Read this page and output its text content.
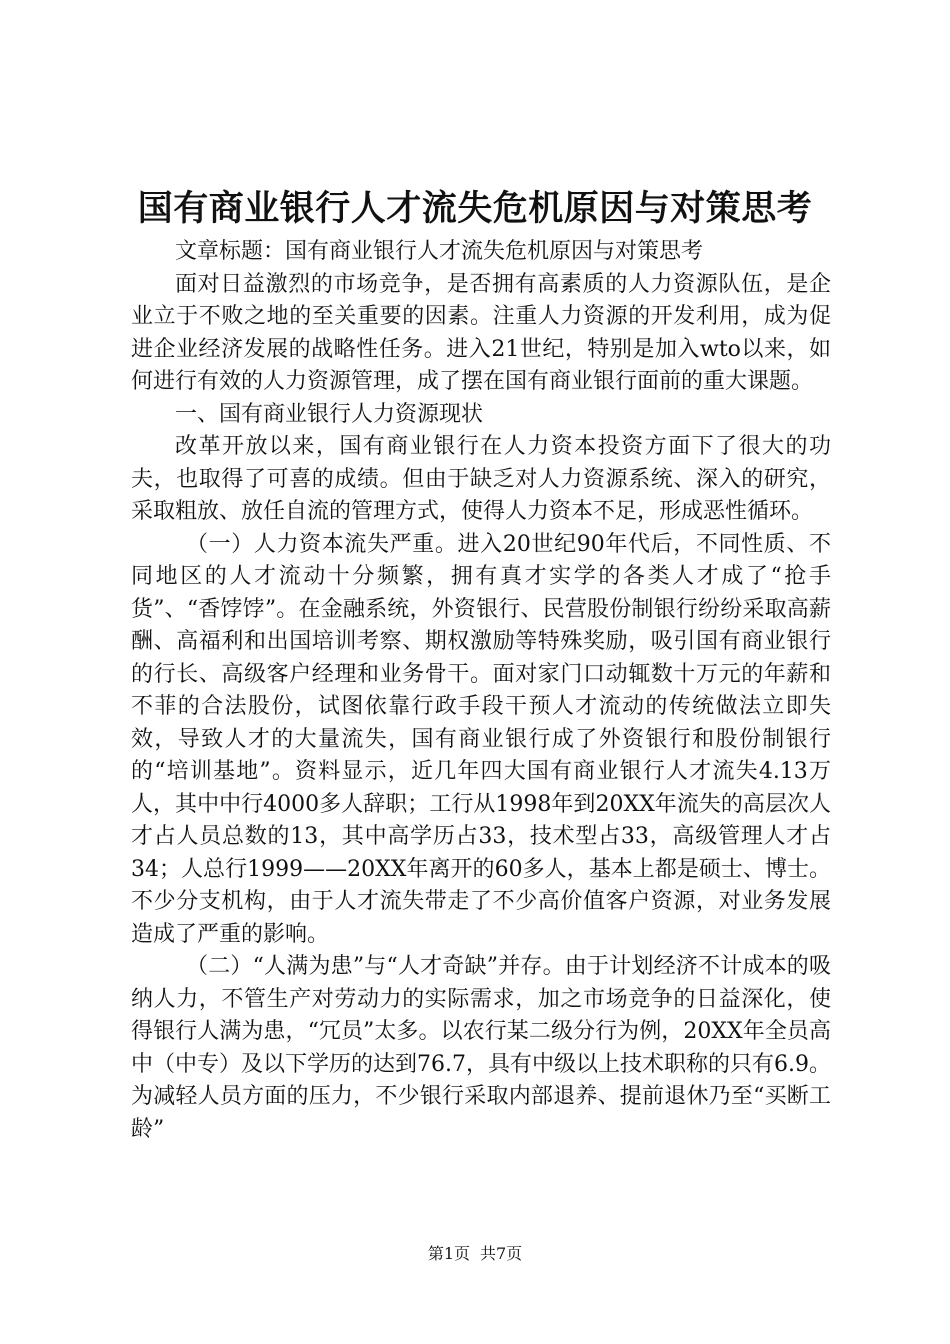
国有商业银行人才流失危机原因与对策思考

文章标题：国有商业银行人才流失危机原因与对策思考

面对日益激烈的市场竞争，是否拥有高素质的人力资源队伍，是企业立于不败之地的至关重要的因素。注重人力资源的开发利用，成为促进企业经济发展的战略性任务。进入21世纪，特别是加入wto以来，如何进行有效的人力资源管理，成了摆在国有商业银行面前的重大课题。

一、国有商业银行人力资源现状

改革开放以来，国有商业银行在人力资本投资方面下了很大的功夫，也取得了可喜的成绩。但由于缺乏对人力资源系统、深入的研究，采取粗放、放任自流的管理方式，使得人力资本不足，形成恶性循环。

（一）人力资本流失严重。进入20世纪90年代后，不同性质、不同地区的人才流动十分频繁，拥有真才实学的各类人才成了“抢手货”、“香饽饽”。在金融系统，外资银行、民营股份制银行纷纷采取高薪酬、高福利和出国培训考察、期权激励等特殊奖励，吸引国有商业银行的行长、高级客户经理和业务骨干。面对家门口动辄数十万元的年薪和不菲的合法股份，试图依靠行政手段干预人才流动的传统做法立即失效，导致人才的大量流失，国有商业银行成了外资银行和股份制银行的“培训基地”。资料显示，近几年四大国有商业银行人才流失4.13万人，其中中行4000多人辞职；工行从1998年到20XX年流失的高层次人才占人员总数的13，其中高学历占33，技术型占33，高级管理人才占34；人总行1999——20XX年离开的60多人，基本上都是硕士、博士。不少分支机构，由于人才流失带走了不少高价值客户资源，对业务发展造成了严重的影响。

（二）“人满为患”与“人才奇缺”并存。由于计划经济不计成本的吸纳人力，不管生产对劳动力的实际需求，加之市场竞争的日益深化，使得银行人满为患，“冗员”太多。以农行某二级分行为例，20XX年全员高中（中专）及以下学历的达到76.7，具有中级以上技术职称的只有6.9。为减轻人员方面的压力，不少银行采取内部退养、提前退休乃至“买断工龄”

第1页 共7页
